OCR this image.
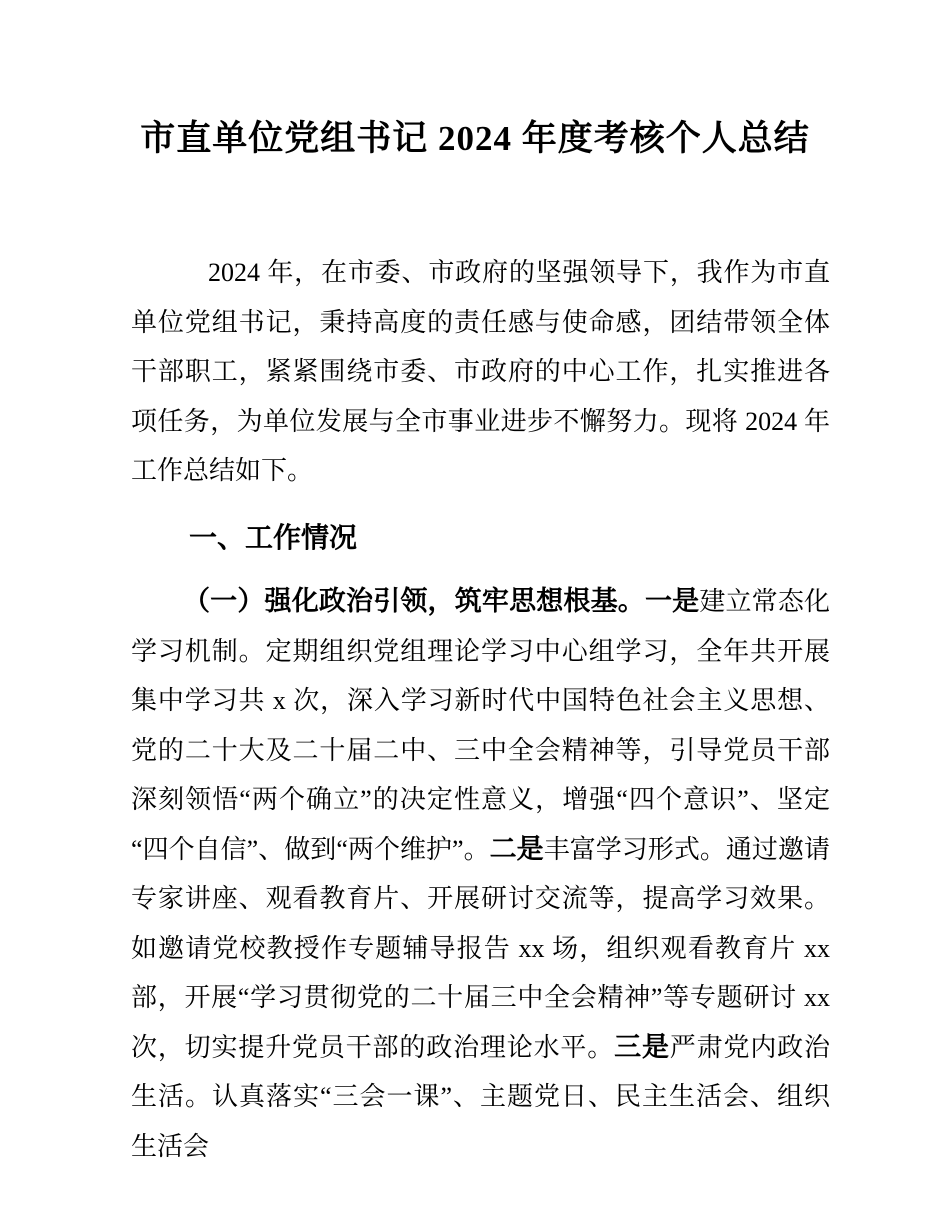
市直单位党组书记 2024 年度考核个人总结

2024 年，在市委、市政府的坚强领导下，我作为市直单位党组书记，秉持高度的责任感与使命感，团结带领全体干部职工，紧紧围绕市委、市政府的中心工作，扎实推进各项任务，为单位发展与全市事业进步不懈努力。现将 2024 年工作总结如下。

一、工作情况

（一）强化政治引领，筑牢思想根基。一是建立常态化学习机制。定期组织党组理论学习中心组学习，全年共开展集中学习共 x 次，深入学习新时代中国特色社会主义思想、党的二十大及二十届二中、三中全会精神等，引导党员干部深刻领悟“两个确立”的决定性意义，增强“四个意识”、坚定“四个自信”、做到“两个维护”。二是丰富学习形式。通过邀请专家讲座、观看教育片、开展研讨交流等，提高学习效果。如邀请党校教授作专题辅导报告 xx 场，组织观看教育片 xx 部，开展“学习贯彻党的二十届三中全会精神”等专题研讨 xx 次，切实提升党员干部的政治理论水平。三是严肃党内政治生活。认真落实“三会一课”、主题党日、民主生活会、组织生活会
